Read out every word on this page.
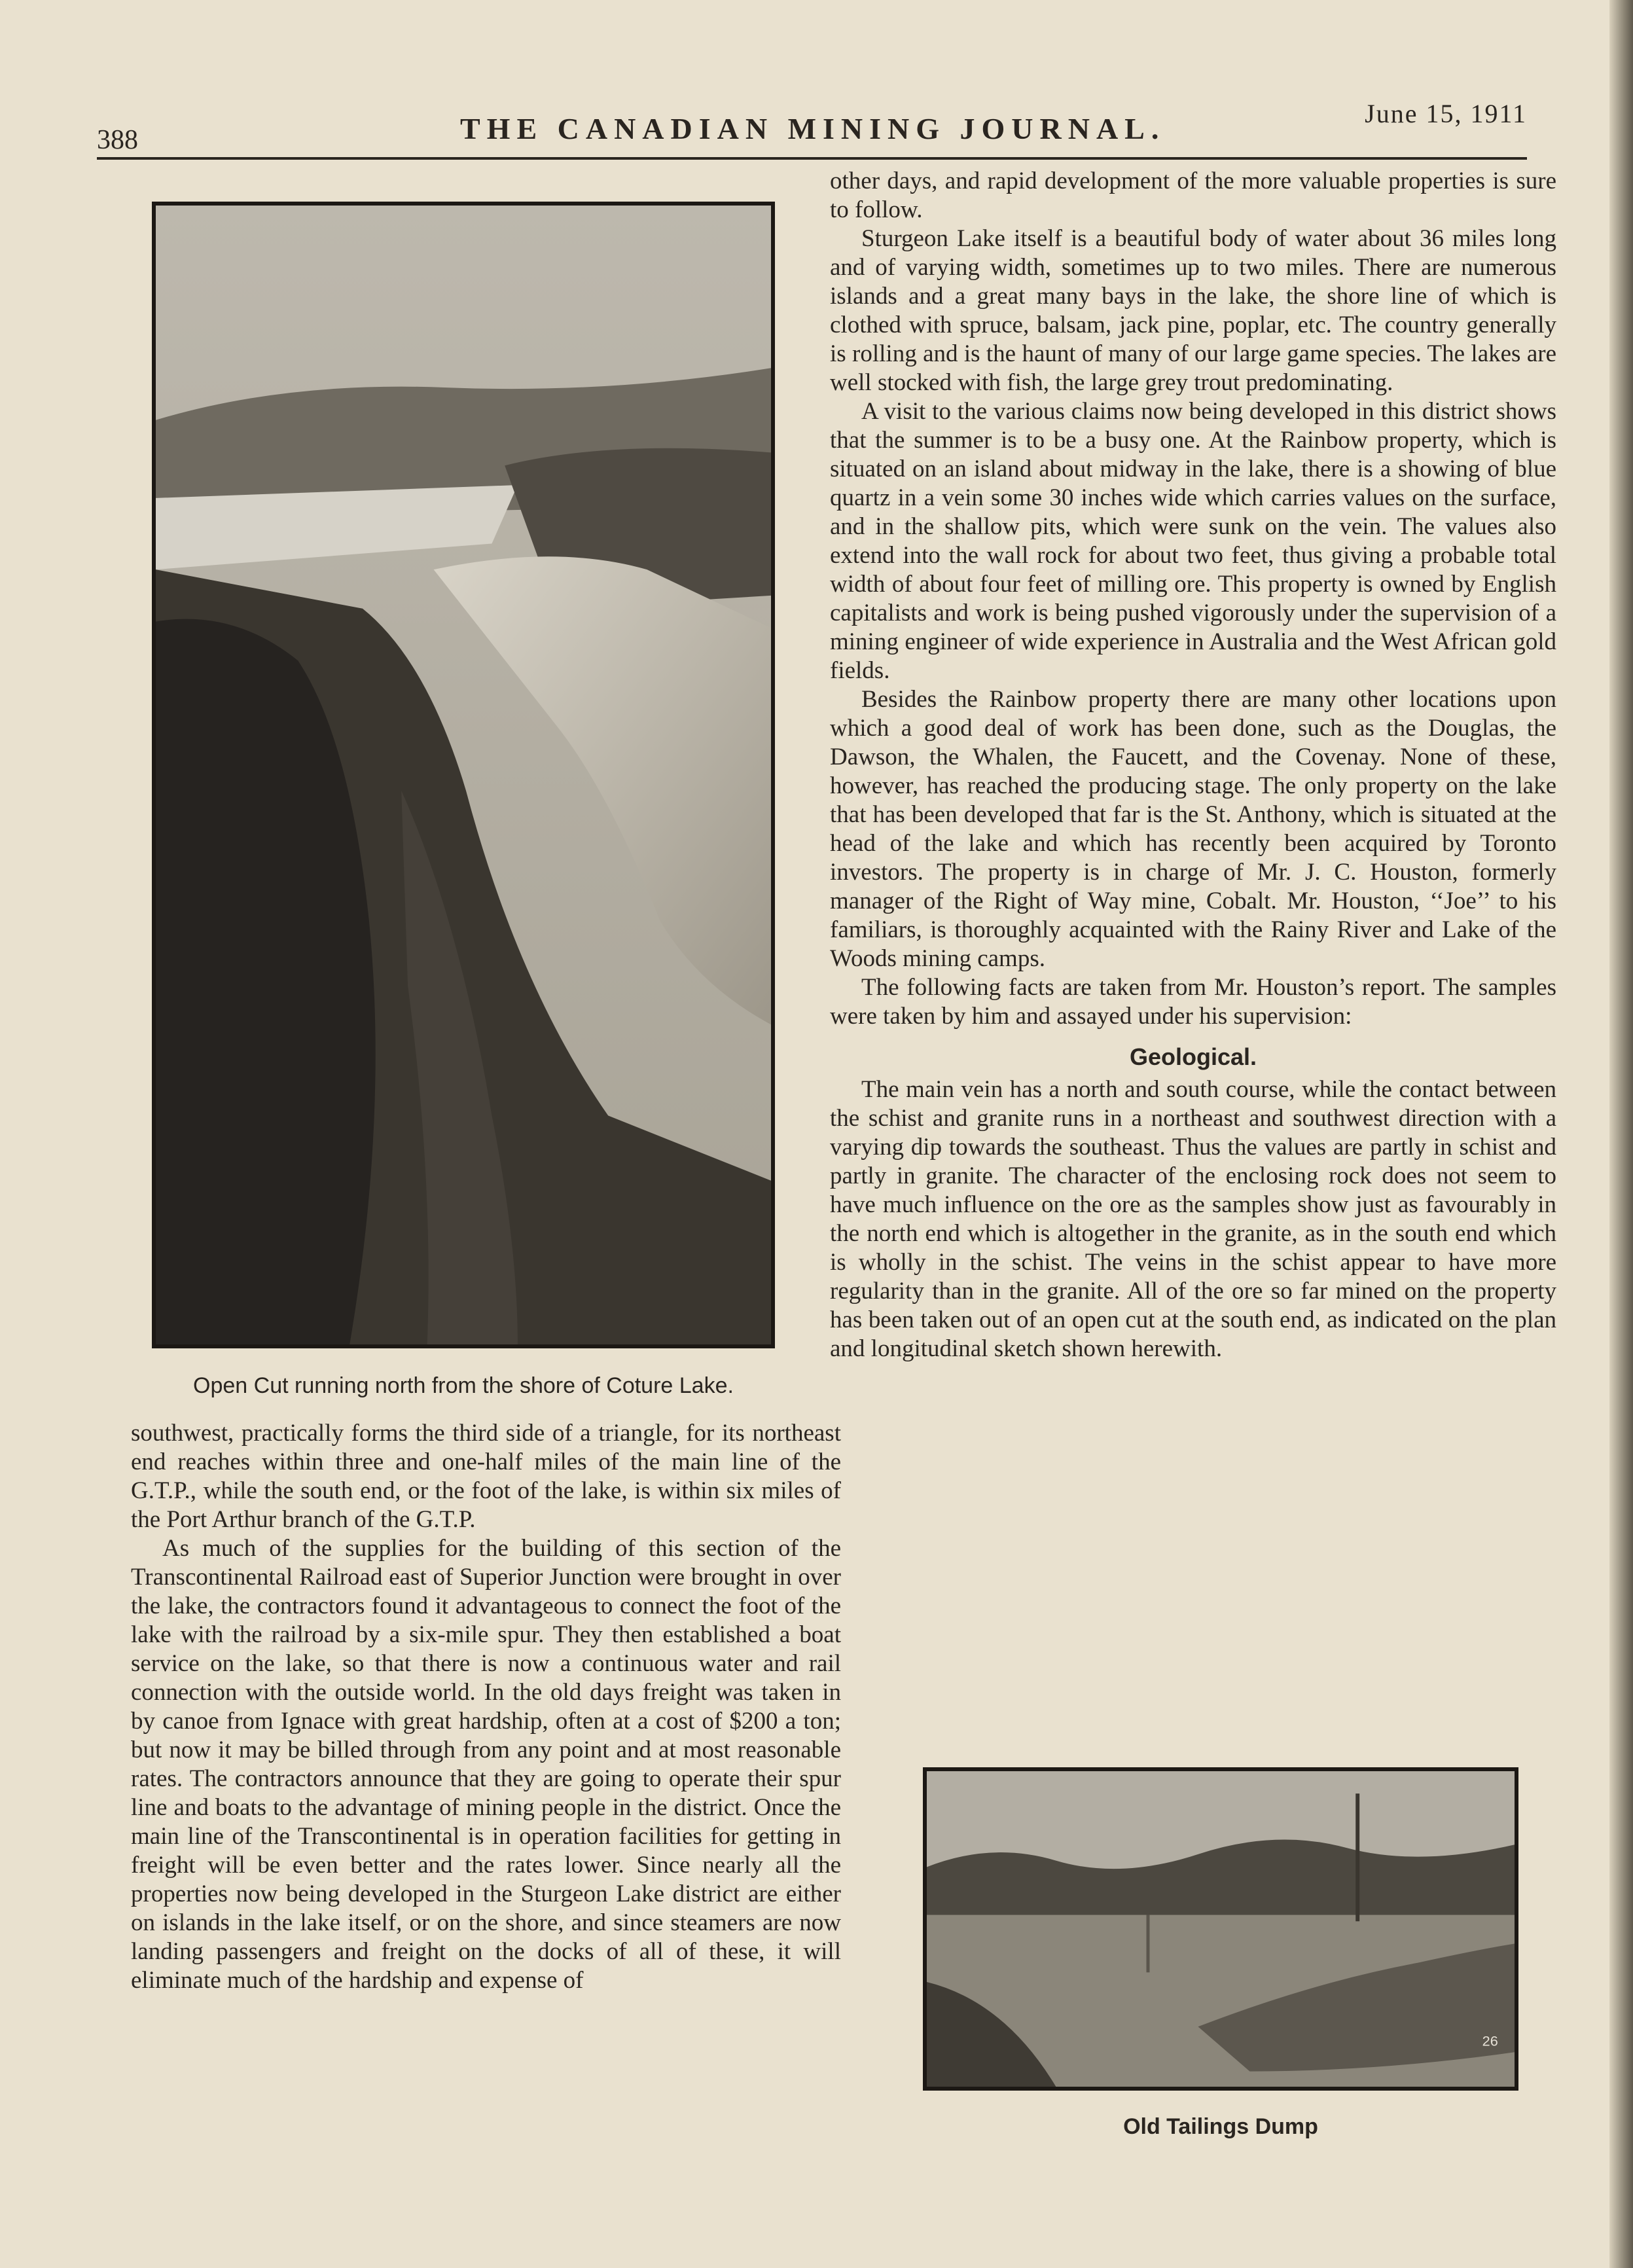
388	THE CANADIAN MINING JOURNAL.	June 15, 1911
Open Cut running north from the shore of Coture Lake.

southwest, practically forms the third side of a triangle, for its northeast end reaches within three and one-half miles of the main line of the G.T.P., while the south end, or the foot of the lake, is within six miles of the Port Arthur branch of the G.T.P.

As much of the supplies for the building of this section of the Transcontinental Railroad east of Superior Junction were brought in over the lake, the contractors found it advantageous to connect the foot of the lake with the railroad by a six-mile spur. They then established a boat service on the lake, so that there is now a continuous water and rail connection with the outside world. In the old days freight was taken in by canoe from Ignace with great hardship, often at a cost of $200 a ton; but now it may be billed through from any point and at most reasonable rates. The contractors announce that they are going to operate their spur line and boats to the advantage of mining people in the district. Once the main line of the Transcontinental is in operation facilities for getting in freight will be even better and the rates lower. Since nearly all the properties now being developed in the Sturgeon Lake district are either on islands in the lake itself, or on the shore, and since steamers are now landing passengers and freight on the docks of all of these, it will eliminate much of the hardship and expense of

other days, and rapid development of the more valuable properties is sure to follow.

Sturgeon Lake itself is a beautiful body of water about 36 miles long and of varying width, sometimes up to two miles. There are numerous islands and a great many bays in the lake, the shore line of which is clothed with spruce, balsam, jack pine, poplar, etc. The country generally is rolling and is the haunt of many of our large game species. The lakes are well stocked with fish, the large grey trout predominating.

A visit to the various claims now being developed in this district shows that the summer is to be a busy one. At the Rainbow property, which is situated on an island about midway in the lake, there is a showing of blue quartz in a vein some 30 inches wide which carries values on the surface, and in the shallow pits, which were sunk on the vein. The values also extend into the wall rock for about two feet, thus giving a probable total width of about four feet of milling ore. This property is owned by English capitalists and work is being pushed vigorously under the supervision of a mining engineer of wide experience in Australia and the West African gold fields.

Besides the Rainbow property there are many other locations upon which a good deal of work has been done, such as the Douglas, the Dawson, the Whalen, the Faucett, and the Covenay. None of these, however, has reached the producing stage. The only property on the lake that has been developed that far is the St. Anthony, which is situated at the head of the lake and which has recently been acquired by Toronto investors. The property is in charge of Mr. J. C. Houston, formerly manager of the Right of Way mine, Cobalt. Mr. Houston, ‘‘Joe’’ to his familiars, is thoroughly acquainted with the Rainy River and Lake of the Woods mining camps.

The following facts are taken from Mr. Houston’s report. The samples were taken by him and assayed under his supervision:

Geological.

The main vein has a north and south course, while the contact between the schist and granite runs in a northeast and southwest direction with a varying dip towards the southeast. Thus the values are partly in schist and partly in granite. The character of the enclosing rock does not seem to have much influence on the ore as the samples show just as favourably in the north end which is altogether in the granite, as in the south end which is wholly in the schist. The veins in the schist appear to have more regularity than in the granite. All of the ore so far mined on the property has been taken out of an open cut at the south end, as indicated on the plan and longitudinal sketch shown herewith.

26
Old Tailings Dump
